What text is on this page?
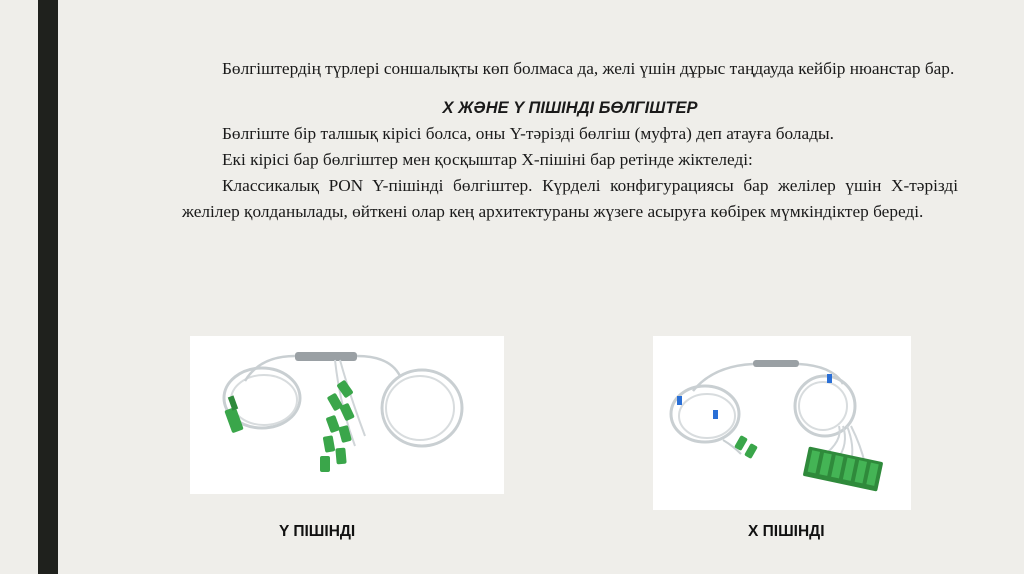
Бөлгіштердің түрлері соншалықты көп болмаса да, желі үшін дұрыс таңдауда кейбір нюанстар бар.

X ЖӘНЕ Y ПІШІНДІ БӨЛГІШТЕР

Бөлгіште бір талшық кірісі болса, оны Y-тәрізді бөлгіш (муфта) деп атауға болады.

Екі кірісі бар бөлгіштер мен қосқыштар X-пішіні бар ретінде жіктеледі:

Классикалық PON Y-пішінді бөлгіштер. Күрделі конфигурациясы бар желілер үшін X-тәрізді желілер қолданылады, өйткені олар кең архитектураны жүзеге асыруға көбірек мүмкіндіктер береді.

Y ПІШІНДІ	X ПІШІНДІ
